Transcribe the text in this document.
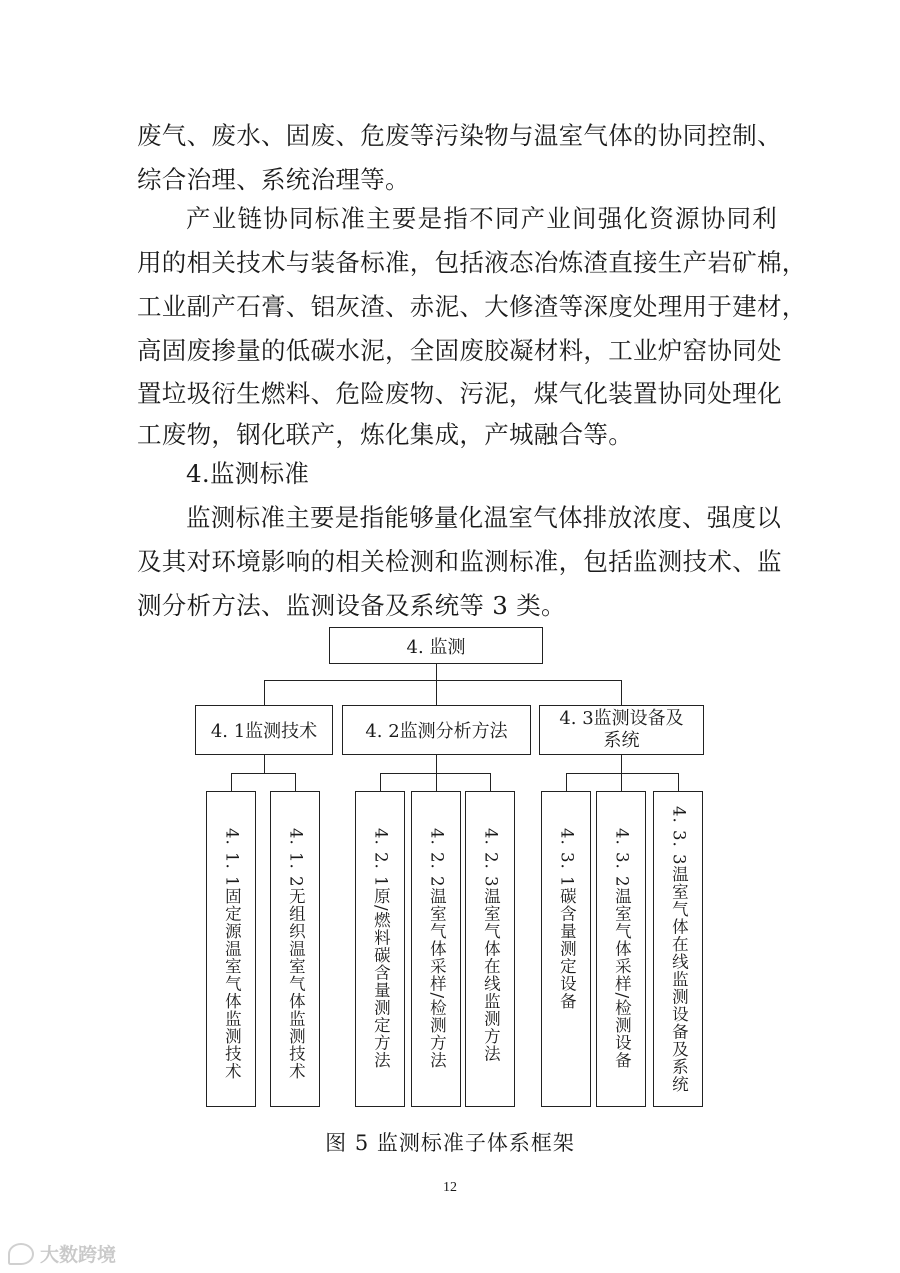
废气、废水、固废、危废等污染物与温室气体的协同控制、
综合治理、系统治理等。
产业链协同标准主要是指不同产业间强化资源协同利
用的相关技术与装备标准，包括液态冶炼渣直接生产岩矿棉，
工业副产石膏、铝灰渣、赤泥、大修渣等深度处理用于建材，
高固废掺量的低碳水泥，全固废胶凝材料，工业炉窑协同处
置垃圾衍生燃料、危险废物、污泥，煤气化装置协同处理化
工废物，钢化联产，炼化集成，产城融合等。
4.监测标准
监测标准主要是指能够量化温室气体排放浓度、强度以
及其对环境影响的相关检测和监测标准，包括监测技术、监
测分析方法、监测设备及系统等 3 类。
4. 监测
4. 1监测技术	4. 2监测分析方法
4. 3监测设备及系统
4. 1. 1固定源温室气体监测技术	4. 1. 2无组织温室气体监测技术	4. 2. 1原/燃料碳含量测定方法 4. 2. 2温室气体采样/检测方法 4. 2. 3温室气体在线监测方法	4. 3. 1碳含量测定设备 4. 3. 2温室气体采样/检测设备 4. 3. 3温室气体在线监测设备及系统
图 5 监测标准子体系框架
12
大数跨境
